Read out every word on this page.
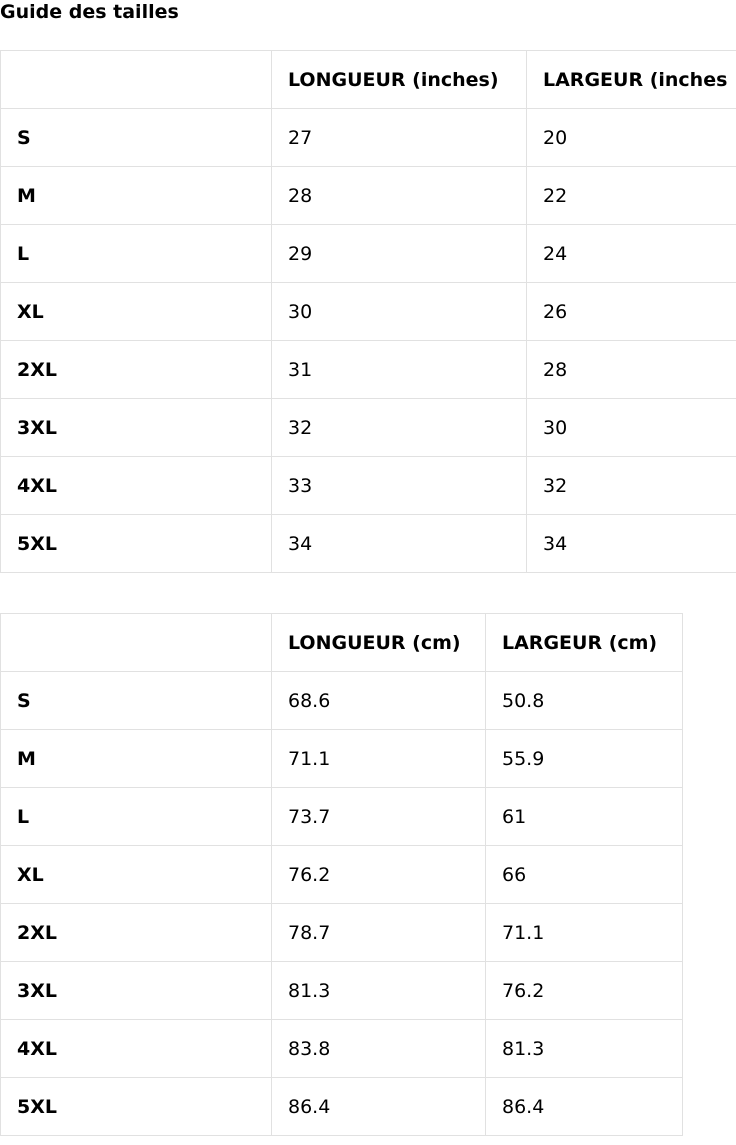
Guide des tailles
	LONGUEUR (inches)	LARGEUR (inches
S	27	20
M	28	22
L	29	24
XL	30	26
2XL	31	28
3XL	32	30
4XL	33	32
5XL	34	34
	LONGUEUR (cm)	LARGEUR (cm)
S	68.6	50.8
M	71.1	55.9
L	73.7	61
XL	76.2	66
2XL	78.7	71.1
3XL	81.3	76.2
4XL	83.8	81.3
5XL	86.4	86.4
